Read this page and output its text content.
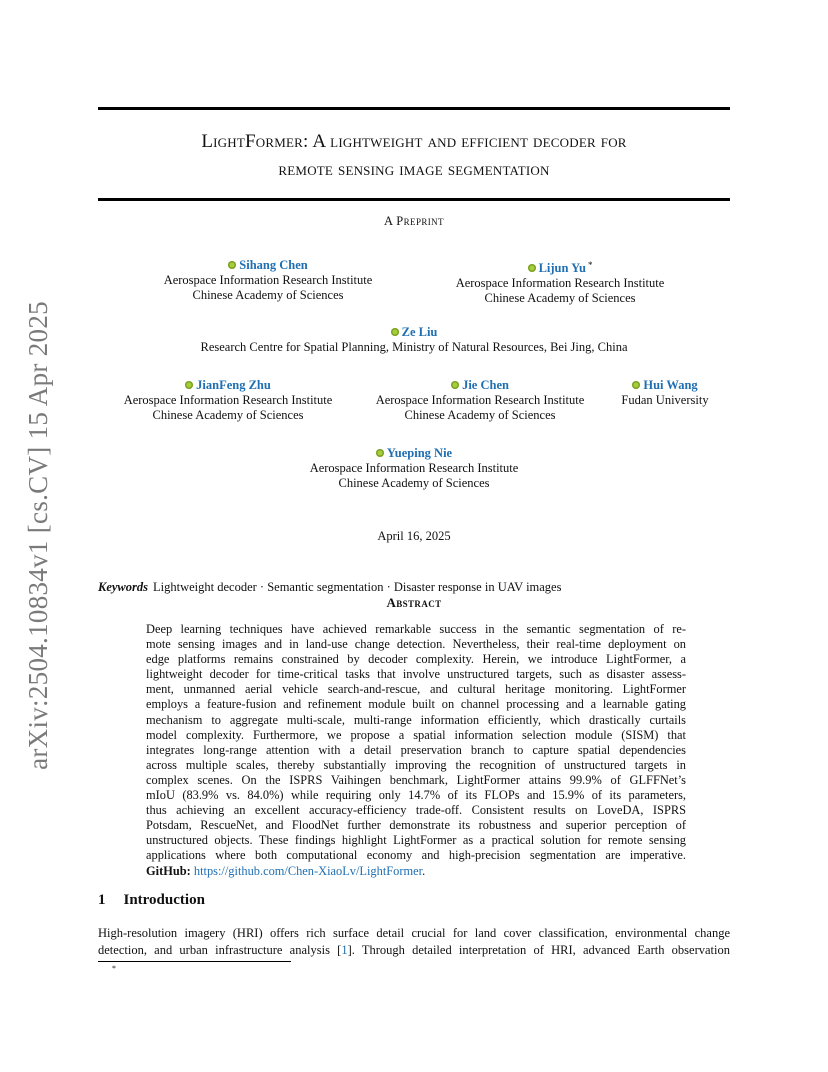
arXiv:2504.10834v1 [cs.CV] 15 Apr 2025
LightFormer: A lightweight and efficient decoder for
remote sensing image segmentation
A Preprint
Sihang Chen
Aerospace Information Research Institute
Chinese Academy of Sciences
Lijun Yu *
Aerospace Information Research Institute
Chinese Academy of Sciences
Ze Liu
Research Centre for Spatial Planning, Ministry of Natural Resources, Bei Jing, China
JianFeng Zhu
Aerospace Information Research Institute
Chinese Academy of Sciences
Jie Chen
Aerospace Information Research Institute
Chinese Academy of Sciences
Hui Wang
Fudan University
Yueping Nie
Aerospace Information Research Institute
Chinese Academy of Sciences
April 16, 2025
Keywords Lightweight decoder · Semantic segmentation · Disaster response in UAV images
Abstract
Deep learning techniques have achieved remarkable success in the semantic segmentation of re-
mote sensing images and in land-use change detection. Nevertheless, their real-time deployment on
edge platforms remains constrained by decoder complexity. Herein, we introduce LightFormer, a
lightweight decoder for time-critical tasks that involve unstructured targets, such as disaster assess-
ment, unmanned aerial vehicle search-and-rescue, and cultural heritage monitoring. LightFormer
employs a feature-fusion and refinement module built on channel processing and a learnable gating
mechanism to aggregate multi-scale, multi-range information efficiently, which drastically curtails
model complexity. Furthermore, we propose a spatial information selection module (SISM) that
integrates long-range attention with a detail preservation branch to capture spatial dependencies
across multiple scales, thereby substantially improving the recognition of unstructured targets in
complex scenes. On the ISPRS Vaihingen benchmark, LightFormer attains 99.9% of GLFFNet’s
mIoU (83.9% vs. 84.0%) while requiring only 14.7% of its FLOPs and 15.9% of its parameters,
thus achieving an excellent accuracy-efficiency trade-off. Consistent results on LoveDA, ISPRS
Potsdam, RescueNet, and FloodNet further demonstrate its robustness and superior perception of
unstructured objects. These findings highlight LightFormer as a practical solution for remote sensing
applications where both computational economy and high-precision segmentation are imperative.
GitHub: https://github.com/Chen-XiaoLv/LightFormer.
1 Introduction
High-resolution imagery (HRI) offers rich surface detail crucial for land cover classification, environmental change
detection, and urban infrastructure analysis [1]. Through detailed interpretation of HRI, advanced Earth observation
*
